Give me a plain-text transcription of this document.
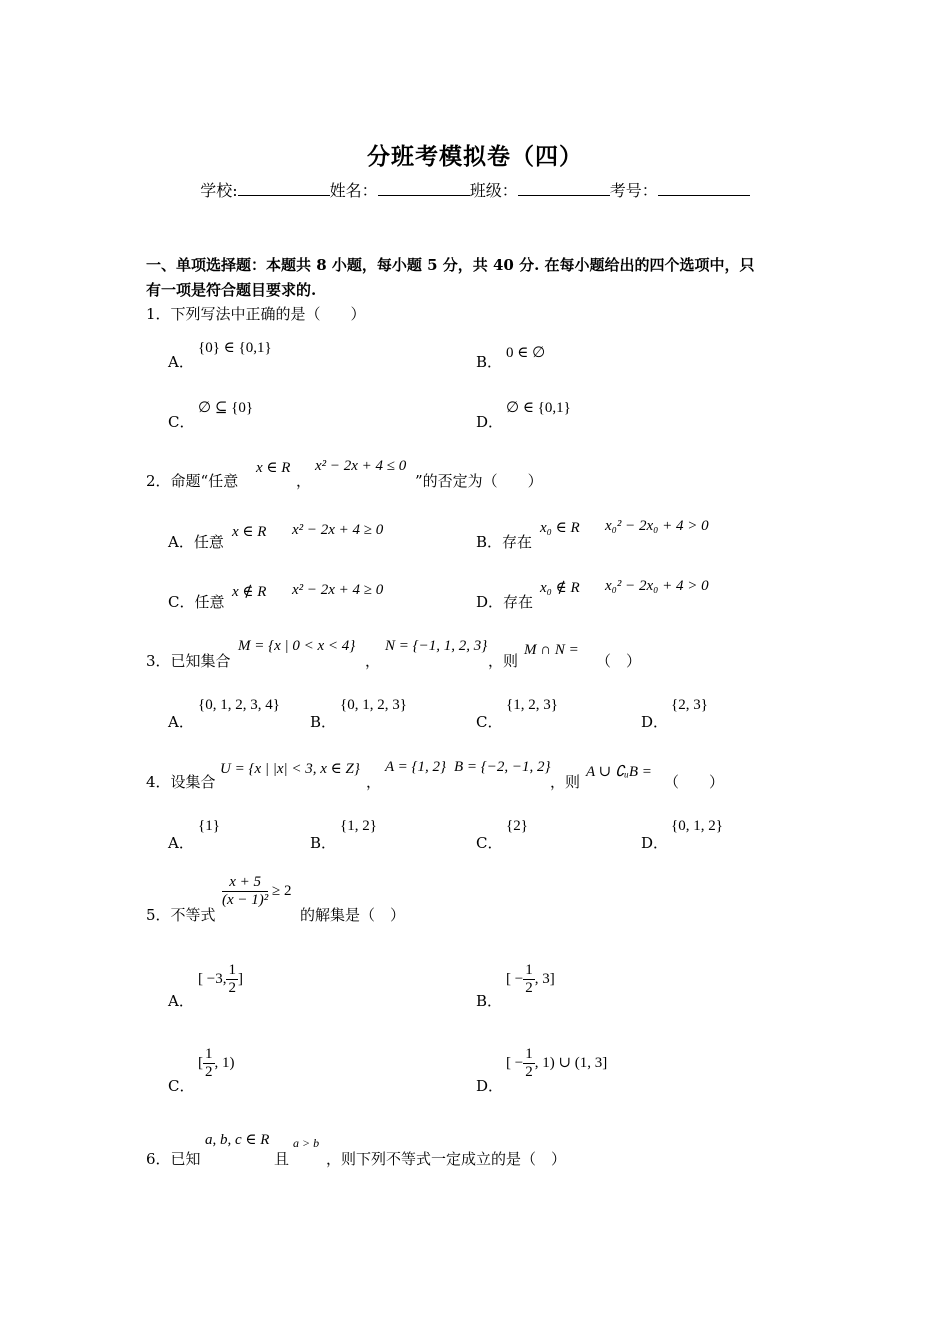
分班考模拟卷（四）
学校:	姓名：	班级：	考号：
一、单项选择题：本题共 8 小题，每小题 5 分，共 40 分. 在每小题给出的四个选项中，只
有一项是符合题目要求的.
1．下列写法中正确的是（　　）
A．
{0} ∈ {0,1}
B． 0 ∈ ∅
C．
∅ ⊆ {0}
D．
∅ ∈ {0,1}
2．命题“任意
x ∈ R
，
x² − 2x + 4 ≤ 0
”的否定为（　　）
A．任意
x ∈ R x² − 2x + 4 ≥ 0
B．存在
x₀ ∈ R x₀² − 2x₀ + 4 > 0
C．任意
x ∉ R x² − 2x + 4 ≥ 0
D．存在
x₀ ∉ R x₀² − 2x₀ + 4 > 0
3．已知集合
M = {x | 0 < x < 4}
，
N = {−1, 1, 2, 3}
，则
M ∩ N =
（　）
A．
{0, 1, 2, 3, 4}
B．
{0, 1, 2, 3}
C．
{1, 2, 3}
D．
{2, 3}
4．设集合
U = {x | |x| < 3, x ∈ Z}
，
A = {1, 2} B = {−2, −1, 2}
，则
A ∪ ∁ᵤB =
（　　）
A．
{1}
B．
{1, 2}
C．
{2}
D．
{0, 1, 2}
5．不等式
$\frac{x + 5}{\text{(x − 1)²}} \ge 2$
的解集是（　）
A．
[ −3, $\frac{1}{2}$ ]
B．
[ − $\frac{1}{2}$ , 3]
C．
[ $\frac{1}{2}$ , 1)
D．
[ − $\frac{1}{2}$ , 1) ∪ (1, 3]
6．已知
a, b, c ∈ R
且
a > b
，则下列不等式一定成立的是（　）
